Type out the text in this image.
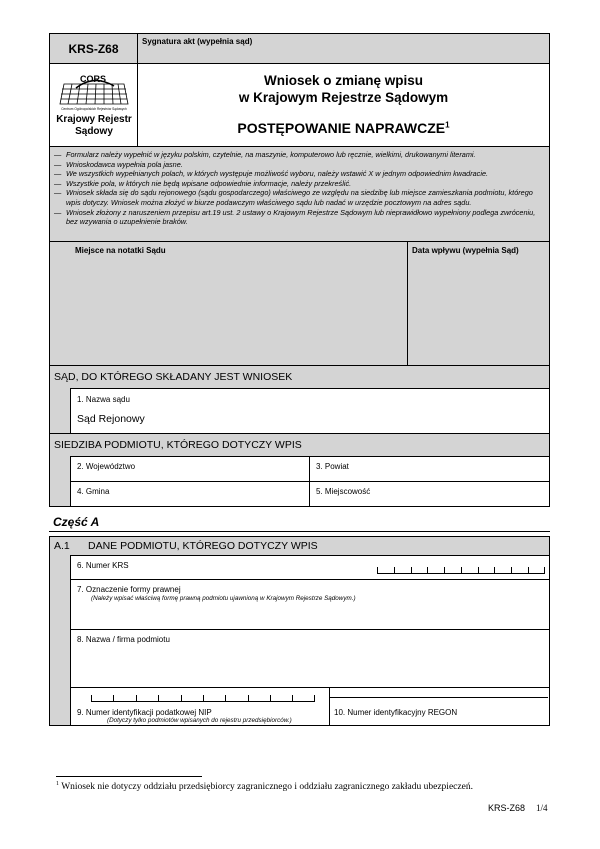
KRS-Z68
Sygnatura akt (wypełnia sąd)
CORS
Centrum Ogólnopolskich Rejestrów Sądowych
Krajowy Rejestr Sądowy
Wniosek o zmianę wpisu
w Krajowym Rejestrze Sądowym
POSTĘPOWANIE NAPRAWCZE$^1$
— Formularz należy wypełnić w języku polskim, czytelnie, na maszynie, komputerowo lub ręcznie, wielkimi, drukowanymi literami.
— Wnioskodawca wypełnia pola jasne.
— We wszystkich wypełnianych polach, w których występuje możliwość wyboru, należy wstawić X w jednym odpowiednim kwadracie.
— Wszystkie pola, w których nie będą wpisane odpowiednie informacje, należy przekreślić.
— Wniosek składa się do sądu rejonowego (sądu gospodarczego) właściwego ze względu na siedzibę lub miejsce zamieszkania podmiotu, którego wpis dotyczy. Wniosek można złożyć w biurze podawczym właściwego sądu lub nadać w urzędzie pocztowym na adres sądu.
— Wniosek złożony z naruszeniem przepisu art.19 ust. 2 ustawy o Krajowym Rejestrze Sądowym lub nieprawidłowo wypełniony podlega zwróceniu, bez wzywania o uzupełnienie braków.
Miejsce na notatki Sądu	Data wpływu (wypełnia Sąd)
SĄD, DO KTÓREGO SKŁADANY JEST WNIOSEK
1. Nazwa sądu
Sąd Rejonowy
SIEDZIBA PODMIOTU, KTÓREGO DOTYCZY WPIS
2. Województwo	3. Powiat
4. Gmina	5. Miejscowość
Część A
A.1 DANE PODMIOTU, KTÓREGO DOTYCZY WPIS
6. Numer KRS
7. Oznaczenie formy prawnej
(Należy wpisać właściwą formę prawną podmiotu ujawnioną w Krajowym Rejestrze Sądowym.)
8. Nazwa / firma podmiotu
9. Numer identyfikacji podatkowej NIP
(Dotyczy tylko podmiotów wpisanych do rejestru przedsiębiorców.)
10. Numer identyfikacyjny REGON
$^1$ Wniosek nie dotyczy oddziału przedsiębiorcy zagranicznego i oddziału zagranicznego zakładu ubezpieczeń.
KRS-Z68 1/4
